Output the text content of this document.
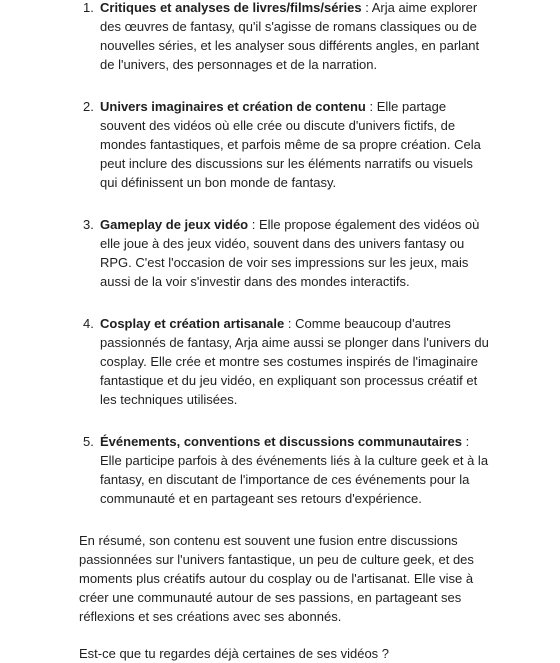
1. Critiques et analyses de livres/films/séries : Arja aime explorer des œuvres de fantasy, qu'il s'agisse de romans classiques ou de nouvelles séries, et les analyser sous différents angles, en parlant de l'univers, des personnages et de la narration.
2. Univers imaginaires et création de contenu : Elle partage souvent des vidéos où elle crée ou discute d'univers fictifs, de mondes fantastiques, et parfois même de sa propre création. Cela peut inclure des discussions sur les éléments narratifs ou visuels qui définissent un bon monde de fantasy.
3. Gameplay de jeux vidéo : Elle propose également des vidéos où elle joue à des jeux vidéo, souvent dans des univers fantasy ou RPG. C'est l'occasion de voir ses impressions sur les jeux, mais aussi de la voir s'investir dans des mondes interactifs.
4. Cosplay et création artisanale : Comme beaucoup d'autres passionnés de fantasy, Arja aime aussi se plonger dans l'univers du cosplay. Elle crée et montre ses costumes inspirés de l'imaginaire fantastique et du jeu vidéo, en expliquant son processus créatif et les techniques utilisées.
5. Événements, conventions et discussions communautaires : Elle participe parfois à des événements liés à la culture geek et à la fantasy, en discutant de l'importance de ces événements pour la communauté et en partageant ses retours d'expérience.

En résumé, son contenu est souvent une fusion entre discussions passionnées sur l'univers fantastique, un peu de culture geek, et des moments plus créatifs autour du cosplay ou de l'artisanat. Elle vise à créer une communauté autour de ses passions, en partageant ses réflexions et ses créations avec ses abonnés.

Est-ce que tu regardes déjà certaines de ses vidéos ?
